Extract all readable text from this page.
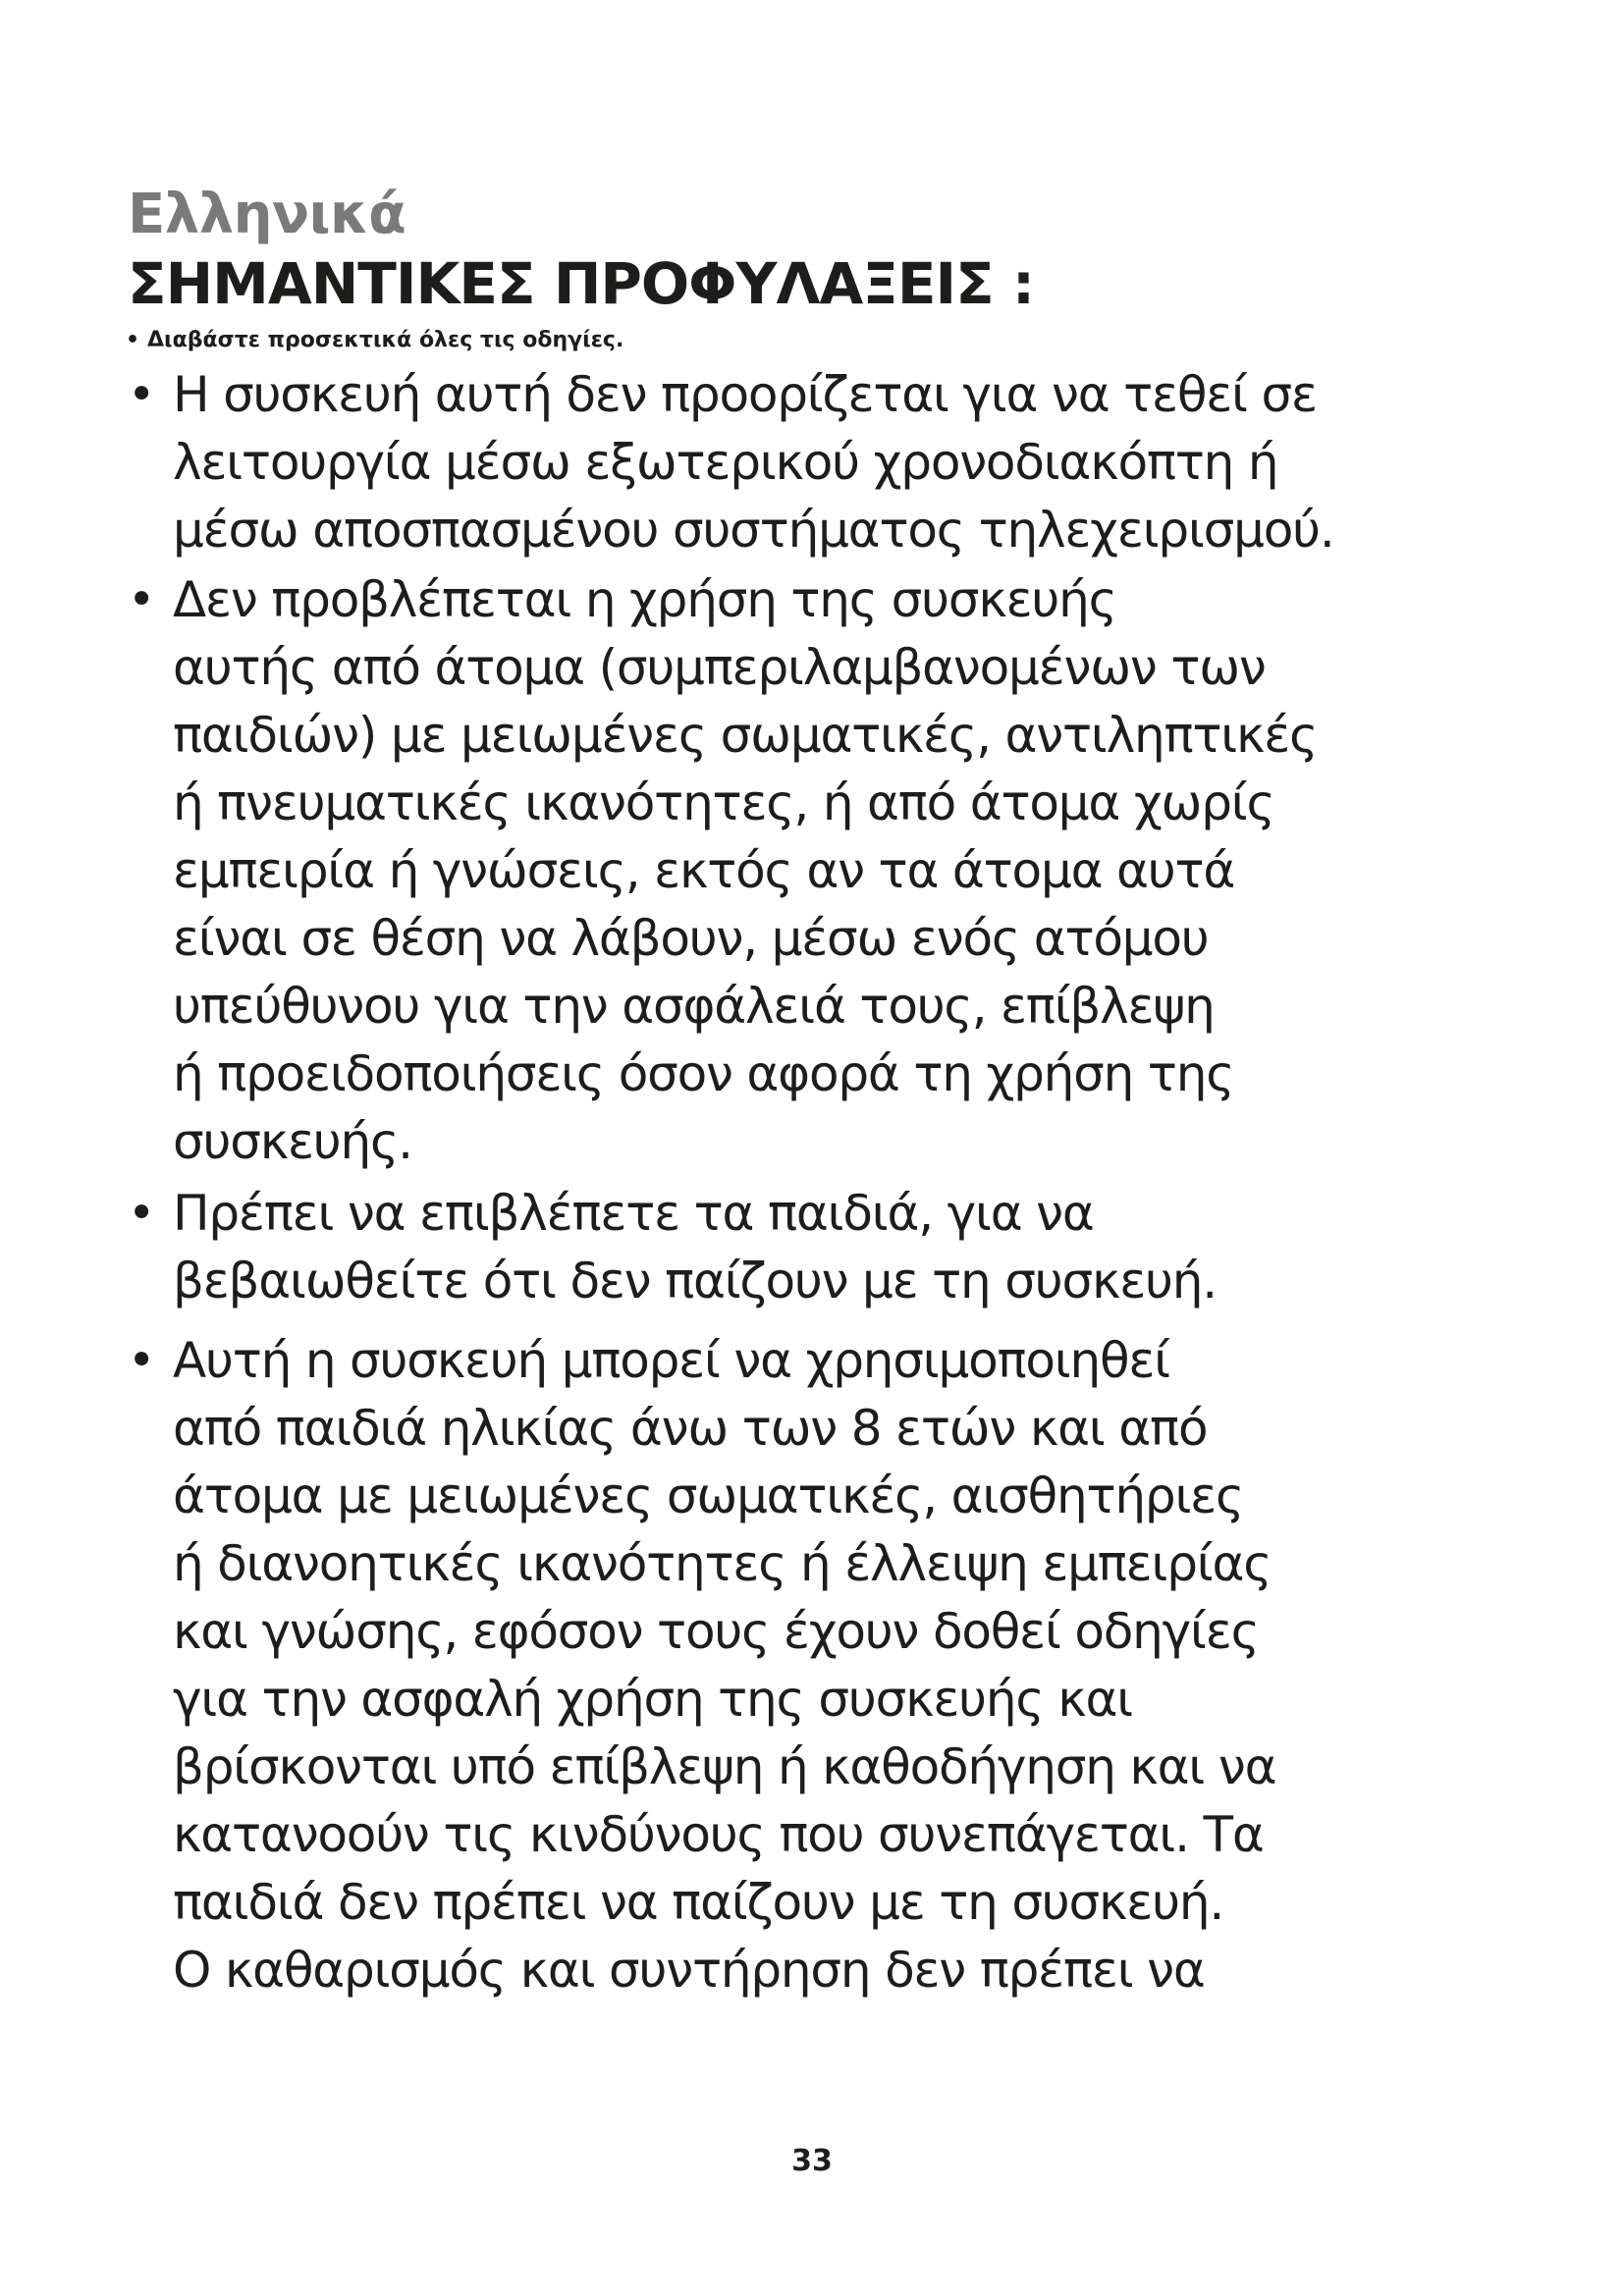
Ελληνικά
ΣΗΜΑΝΤΙΚΕΣ ΠΡΟΦΥΛΑΞΕΙΣ :

• Διαβάστε προσεκτικά όλες τις οδηγίες.

• Η συσκευή αυτή δεν προορίζεται για να τεθεί σε
λειτουργία μέσω εξωτερικού χρονοδιακόπτη ή
μέσω αποσπασμένου συστήματος τηλεχειρισμού.
• Δεν προβλέπεται η χρήση της συσκευής
αυτής από άτομα (συμπεριλαμβανομένων των
παιδιών) με μειωμένες σωματικές, αντιληπτικές
ή πνευματικές ικανότητες, ή από άτομα χωρίς
εμπειρία ή γνώσεις, εκτός αν τα άτομα αυτά
είναι σε θέση να λάβουν, μέσω ενός ατόμου
υπεύθυνου για την ασφάλειά τους, επίβλεψη
ή προειδοποιήσεις όσον αφορά τη χρήση της
συσκευής.
• Πρέπει να επιβλέπετε τα παιδιά, για να
βεβαιωθείτε ότι δεν παίζουν με τη συσκευή.
• Αυτή η συσκευή μπορεί να χρησιμοποιηθεί
από παιδιά ηλικίας άνω των 8 ετών και από
άτομα με μειωμένες σωματικές, αισθητήριες
ή διανοητικές ικανότητες ή έλλειψη εμπειρίας
και γνώσης, εφόσον τους έχουν δοθεί οδηγίες
για την ασφαλή χρήση της συσκευής και
βρίσκονται υπό επίβλεψη ή καθοδήγηση και να
κατανοούν τις κινδύνους που συνεπάγεται. Τα
παιδιά δεν πρέπει να παίζουν με τη συσκευή.
Ο καθαρισμός και συντήρηση δεν πρέπει να
33
